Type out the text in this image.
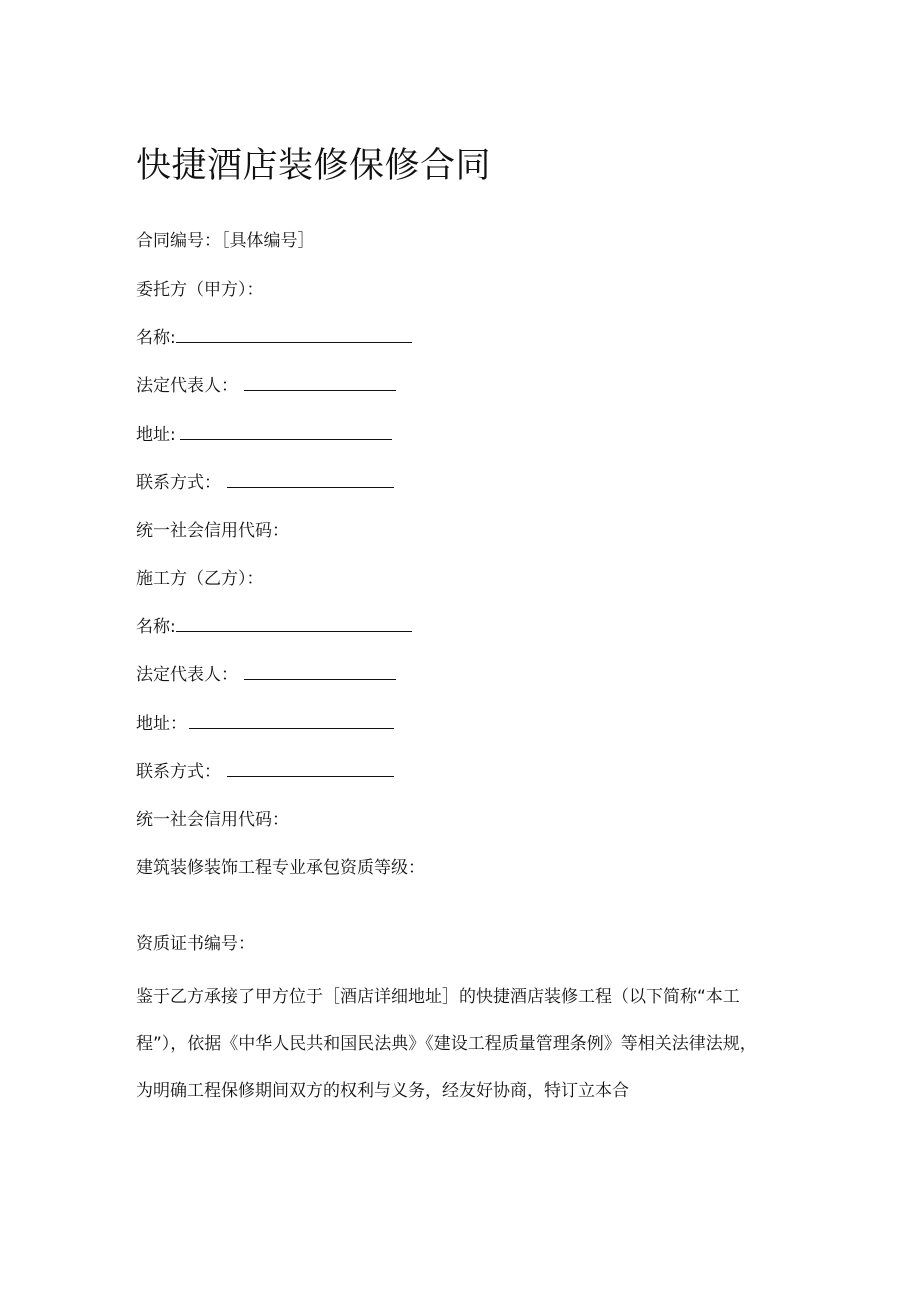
快捷酒店装修保修合同

合同编号：［具体编号］

委托方（甲方）：

名称:

法定代表人：

地址:

联系方式：

统一社会信用代码：

施工方（乙方）：

名称:

法定代表人：

地址：

联系方式：

统一社会信用代码：

建筑装修装饰工程专业承包资质等级：

资质证书编号：

鉴于乙方承接了甲方位于［酒店详细地址］的快捷酒店装修工程（以下简称“本工

程”），依据《中华人民共和国民法典》《建设工程质量管理条例》等相关法律法规，

为明确工程保修期间双方的权利与义务，经友好协商，特订立本合
